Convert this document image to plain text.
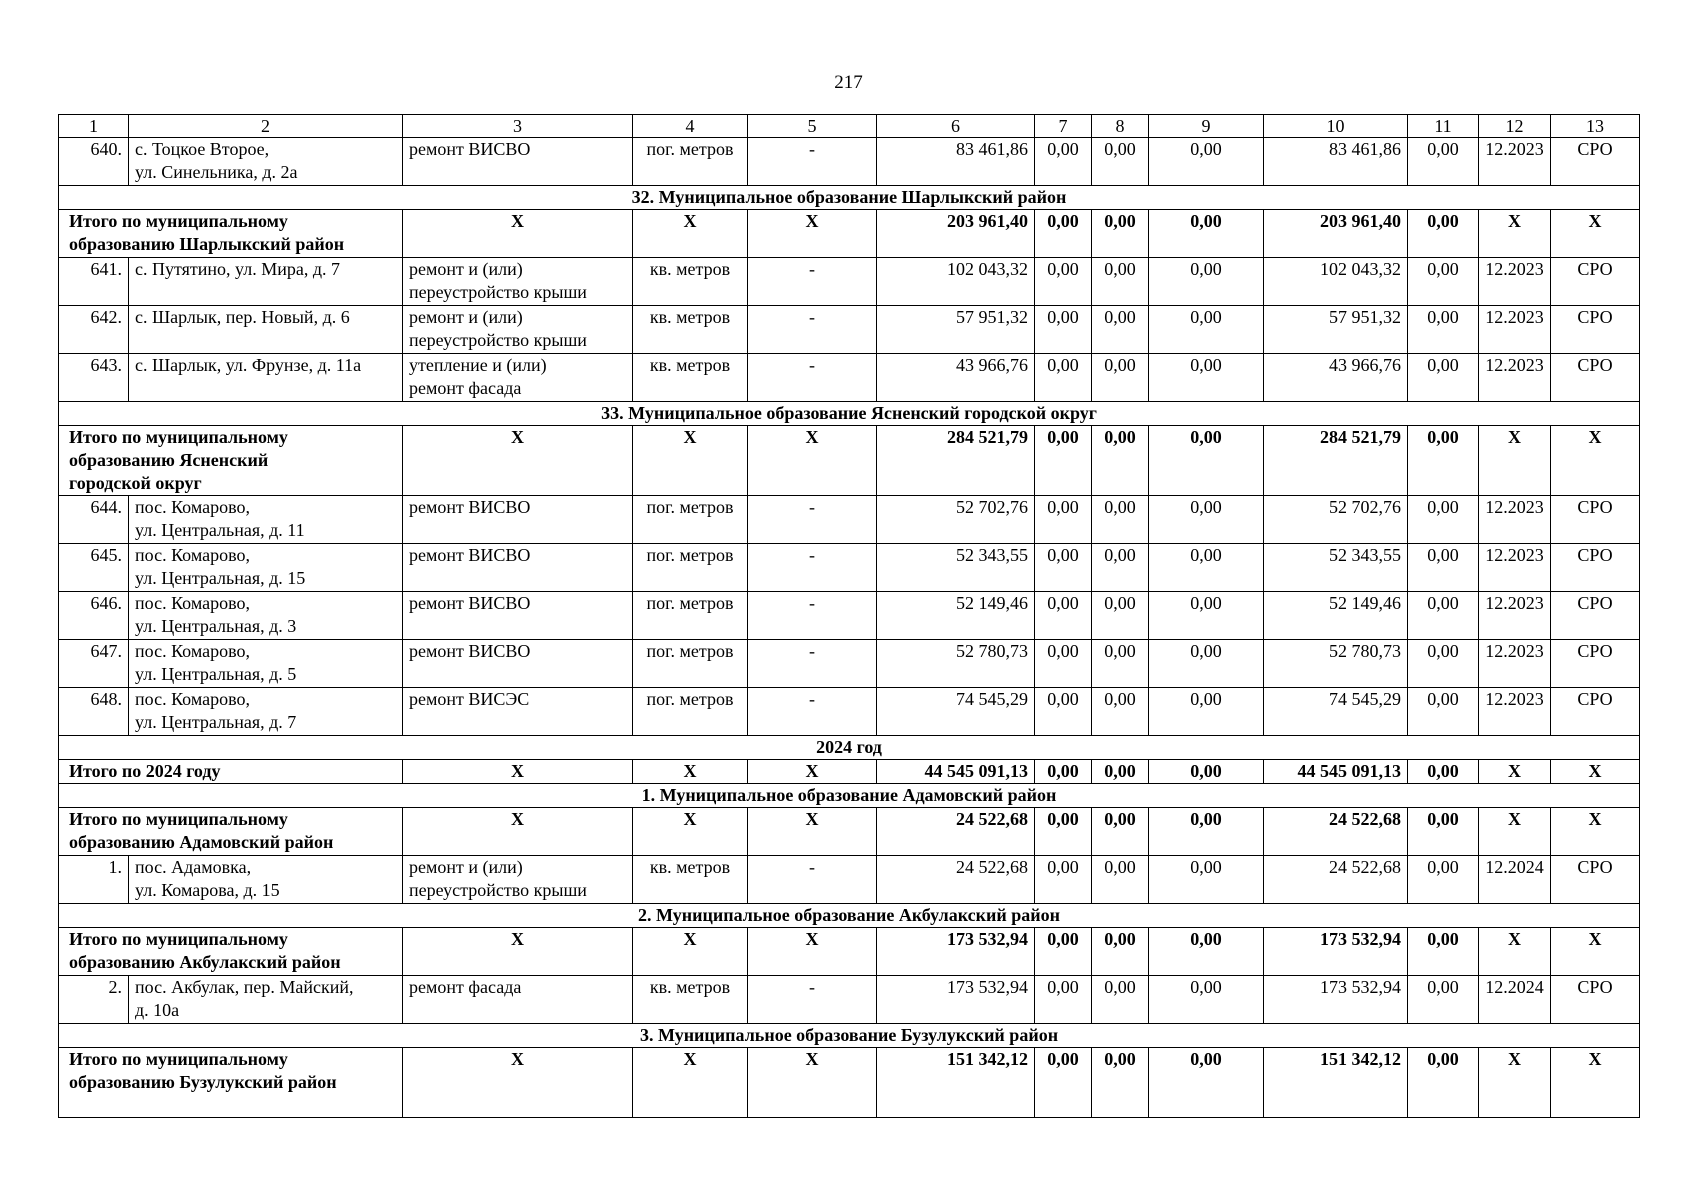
217
1	2	3	4	5	6	7	8	9	10	11	12	13
640.	с. Тоцкое Второе,
ул. Синельника, д. 2а	ремонт ВИСВО	пог. метров	-	83 461,86	0,00	0,00	0,00	83 461,86	0,00	12.2023	СРО
32. Муниципальное образование Шарлыкский район												
Итого по муниципальному
образованию Шарлыкский район		Х	Х	Х	203 961,40	0,00	0,00	0,00	203 961,40	0,00	Х	Х
641.	с. Путятино, ул. Мира, д. 7	ремонт и (или)
переустройство крыши	кв. метров	-	102 043,32	0,00	0,00	0,00	102 043,32	0,00	12.2023	СРО
642.	с. Шарлык, пер. Новый, д. 6	ремонт и (или)
переустройство крыши	кв. метров	-	57 951,32	0,00	0,00	0,00	57 951,32	0,00	12.2023	СРО
643.	с. Шарлык, ул. Фрунзе, д. 11а	утепление и (или)
ремонт фасада	кв. метров	-	43 966,76	0,00	0,00	0,00	43 966,76	0,00	12.2023	СРО
33. Муниципальное образование Ясненский городской округ												
Итого по муниципальному
образованию Ясненский
городской округ		Х	Х	Х	284 521,79	0,00	0,00	0,00	284 521,79	0,00	Х	Х
644.	пос. Комарово,
ул. Центральная, д. 11	ремонт ВИСВО	пог. метров	-	52 702,76	0,00	0,00	0,00	52 702,76	0,00	12.2023	СРО
645.	пос. Комарово,
ул. Центральная, д. 15	ремонт ВИСВО	пог. метров	-	52 343,55	0,00	0,00	0,00	52 343,55	0,00	12.2023	СРО
646.	пос. Комарово,
ул. Центральная, д. 3	ремонт ВИСВО	пог. метров	-	52 149,46	0,00	0,00	0,00	52 149,46	0,00	12.2023	СРО
647.	пос. Комарово,
ул. Центральная, д. 5	ремонт ВИСВО	пог. метров	-	52 780,73	0,00	0,00	0,00	52 780,73	0,00	12.2023	СРО
648.	пос. Комарово,
ул. Центральная, д. 7	ремонт ВИСЭС	пог. метров	-	74 545,29	0,00	0,00	0,00	74 545,29	0,00	12.2023	СРО
2024 год												
Итого по 2024 году		Х	Х	Х	44 545 091,13	0,00	0,00	0,00	44 545 091,13	0,00	Х	Х
1. Муниципальное образование Адамовский район												
Итого по муниципальному
образованию Адамовский район		Х	Х	Х	24 522,68	0,00	0,00	0,00	24 522,68	0,00	Х	Х
1.	пос. Адамовка,
ул. Комарова, д. 15	ремонт и (или)
переустройство крыши	кв. метров	-	24 522,68	0,00	0,00	0,00	24 522,68	0,00	12.2024	СРО
2. Муниципальное образование Акбулакский район												
Итого по муниципальному
образованию Акбулакский район		Х	Х	Х	173 532,94	0,00	0,00	0,00	173 532,94	0,00	Х	Х
2.	пос. Акбулак, пер. Майский,
д. 10а	ремонт фасада	кв. метров	-	173 532,94	0,00	0,00	0,00	173 532,94	0,00	12.2024	СРО
3. Муниципальное образование Бузулукский район												
Итого по муниципальному
образованию Бузулукский район		Х	Х	Х	151 342,12	0,00	0,00	0,00	151 342,12	0,00	Х	Х
